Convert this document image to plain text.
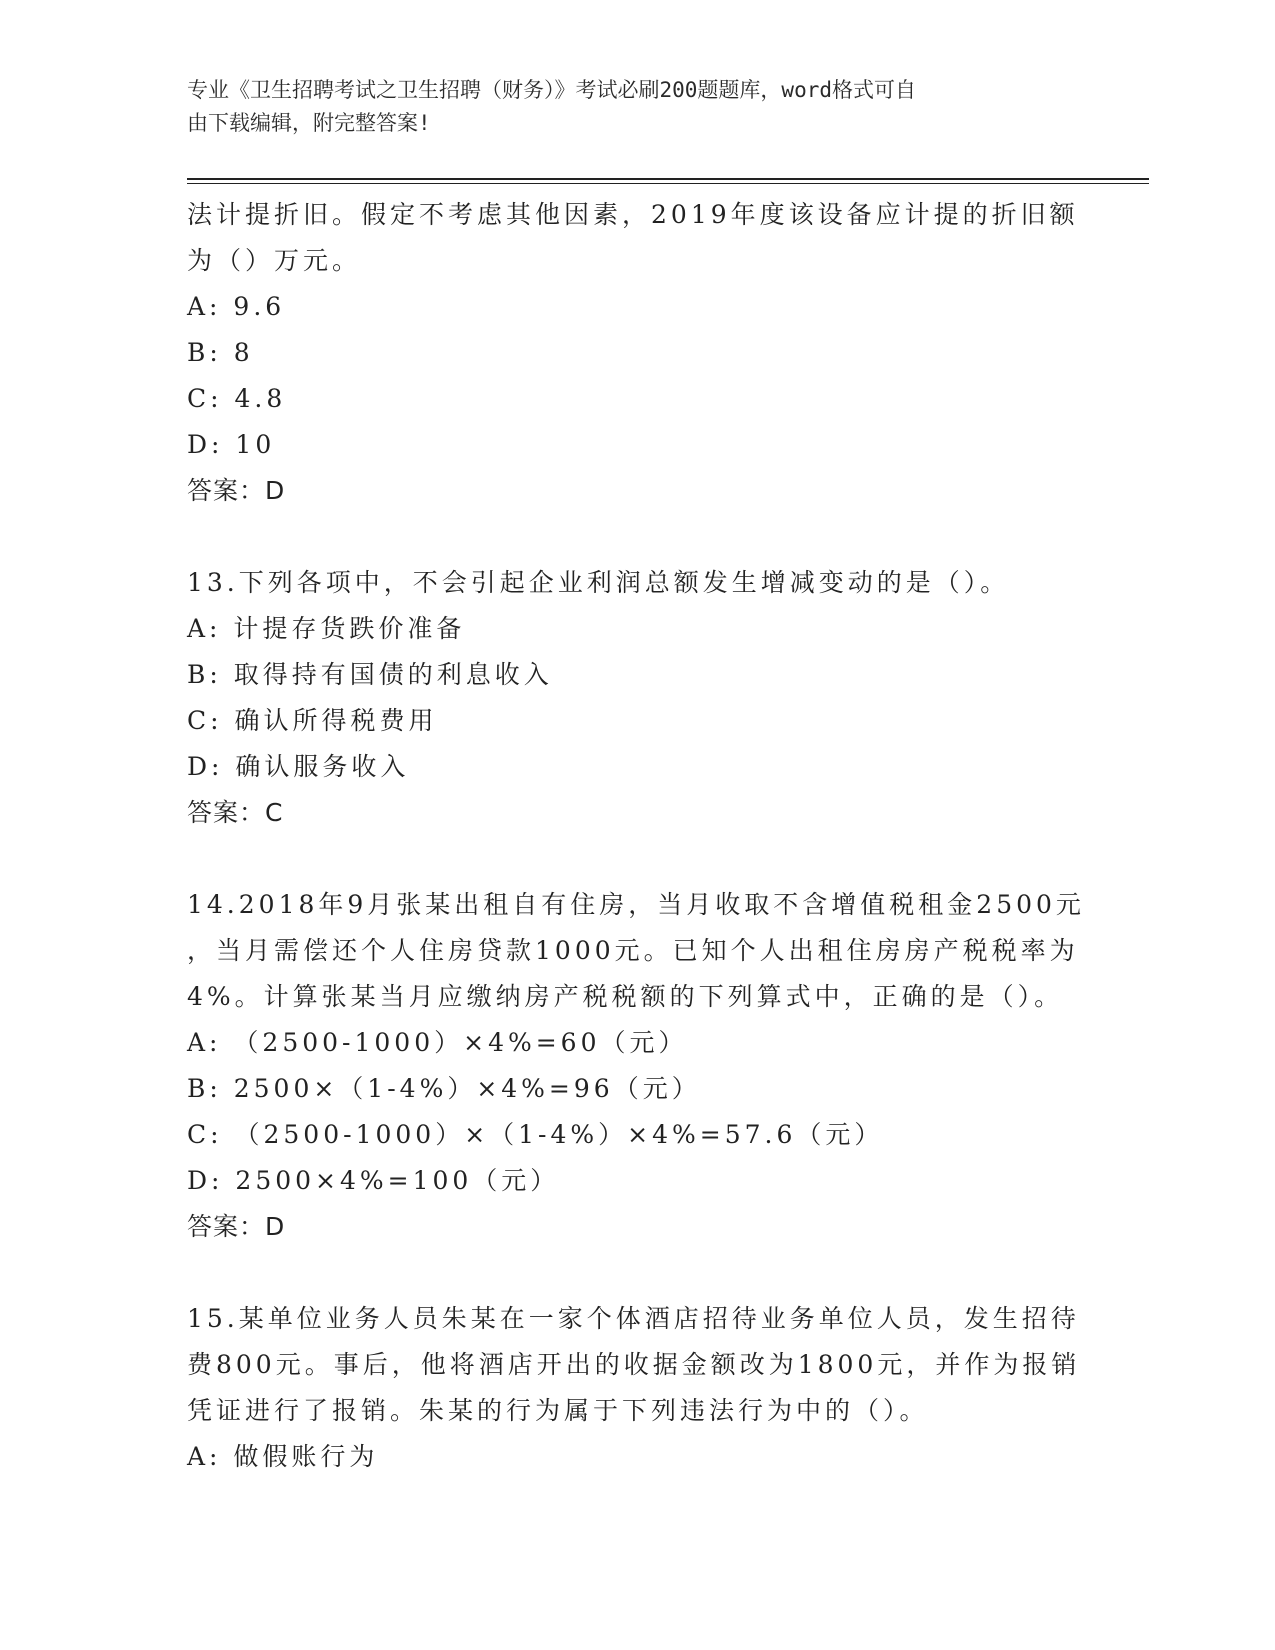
专业《卫生招聘考试之卫生招聘（财务）》考试必刷200题题库，word格式可自
由下载编辑，附完整答案!
法计提折旧。假定不考虑其他因素，2019年度该设备应计提的折旧额
为（）万元。
A: 9.6
B: 8
C: 4.8
D: 10
答案：D
13.下列各项中，不会引起企业利润总额发生增减变动的是（）。
A: 计提存货跌价准备
B: 取得持有国债的利息收入
C: 确认所得税费用
D: 确认服务收入
答案：C
14.2018年9月张某出租自有住房，当月收取不含增值税租金2500元
，当月需偿还个人住房贷款1000元。已知个人出租住房房产税税率为
4%。计算张某当月应缴纳房产税税额的下列算式中，正确的是（）。
A: （2500-1000）×4%=60（元）
B: 2500×（1-4%）×4%=96（元）
C: （2500-1000）×（1-4%）×4%=57.6（元）
D: 2500×4%=100（元）
答案：D
15.某单位业务人员朱某在一家个体酒店招待业务单位人员，发生招待
费800元。事后，他将酒店开出的收据金额改为1800元，并作为报销
凭证进行了报销。朱某的行为属于下列违法行为中的（）。
A: 做假账行为
